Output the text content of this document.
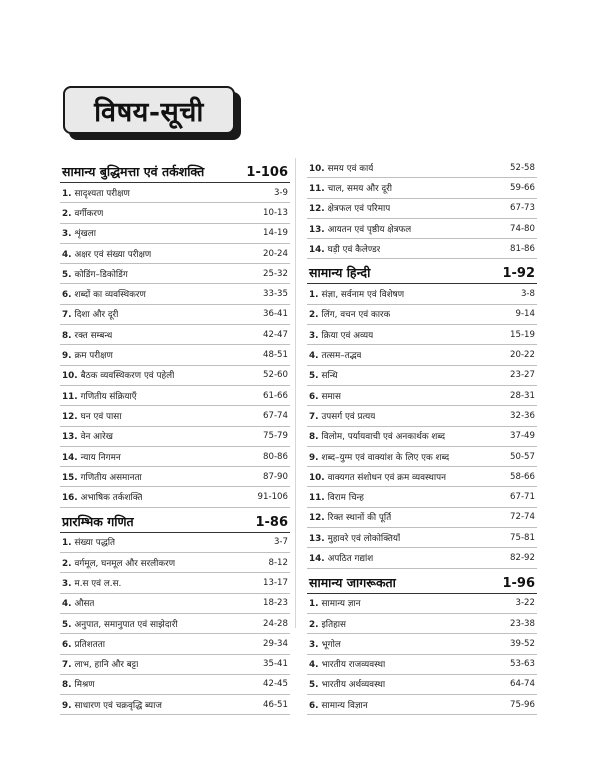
विषय-सूची
सामान्य बुद्धिमत्ता एवं तर्कशक्ति	1-106
1. सादृश्यता परीक्षण	3-9
2. वर्गीकरण	10-13
3. शृंखला	14-19
4. अक्षर एवं संख्या परीक्षण	20-24
5. कोडिंग–डिकोडिंग	25-32
6. शब्दों का व्यवस्थिकरण	33-35
7. दिशा और दूरी	36-41
8. रक्त सम्बन्ध	42-47
9. क्रम परीक्षण	48-51
10. बैठक व्यवस्थिकरण एवं पहेली	52-60
11. गणितीय संक्रियाएँ	61-66
12. घन एवं पासा	67-74
13. वेन आरेख	75-79
14. न्याय निगमन	80-86
15. गणितीय असमानता	87-90
16. अभाषिक तर्कशक्ति	91-106
प्रारम्भिक गणित	1-86
1. संख्या पद्धति	3-7
2. वर्गमूल, घनमूल और सरलीकरण	8-12
3. म.स एवं ल.स.	13-17
4. औसत	18-23
5. अनुपात, समानुपात एवं साझेदारी	24-28
6. प्रतिशतता	29-34
7. लाभ, हानि और बट्टा	35-41
8. मिश्रण	42-45
9. साधारण एवं चक्रवृद्धि ब्याज	46-51
10. समय एवं कार्य	52-58
11. चाल, समय और दूरी	59-66
12. क्षेत्रफल एवं परिमाप	67-73
13. आयतन एवं पृष्ठीय क्षेत्रफल	74-80
14. घड़ी एवं कैलेण्डर	81-86
सामान्य हिन्दी	1-92
1. संज्ञा, सर्वनाम एवं विशेषण	3-8
2. लिंग, वचन एवं कारक	9-14
3. क्रिया एवं अव्यय	15-19
4. तत्सम–तद्भव	20-22
5. सन्धि	23-27
6. समास	28-31
7. उपसर्ग एवं प्रत्यय	32-36
8. विलोम, पर्यायवाची एवं अनकार्थक शब्द	37-49
9. शब्द–युग्म एवं वाक्यांश के लिए एक शब्द	50-57
10. वाक्यगत संशोधन एवं क्रम व्यवस्थापन	58-66
11. विराम चिन्ह	67-71
12. रिक्त स्थानों की पूर्ति	72-74
13. मुहावरे एवं लोकोक्तियाँ	75-81
14. अपठित गद्यांश	82-92
सामान्य जागरूकता	1-96
1. सामान्य ज्ञान	3-22
2. इतिहास	23-38
3. भूगोल	39-52
4. भारतीय राजव्यवस्था	53-63
5. भारतीय अर्थव्यवस्था	64-74
6. सामान्य विज्ञान	75-96
